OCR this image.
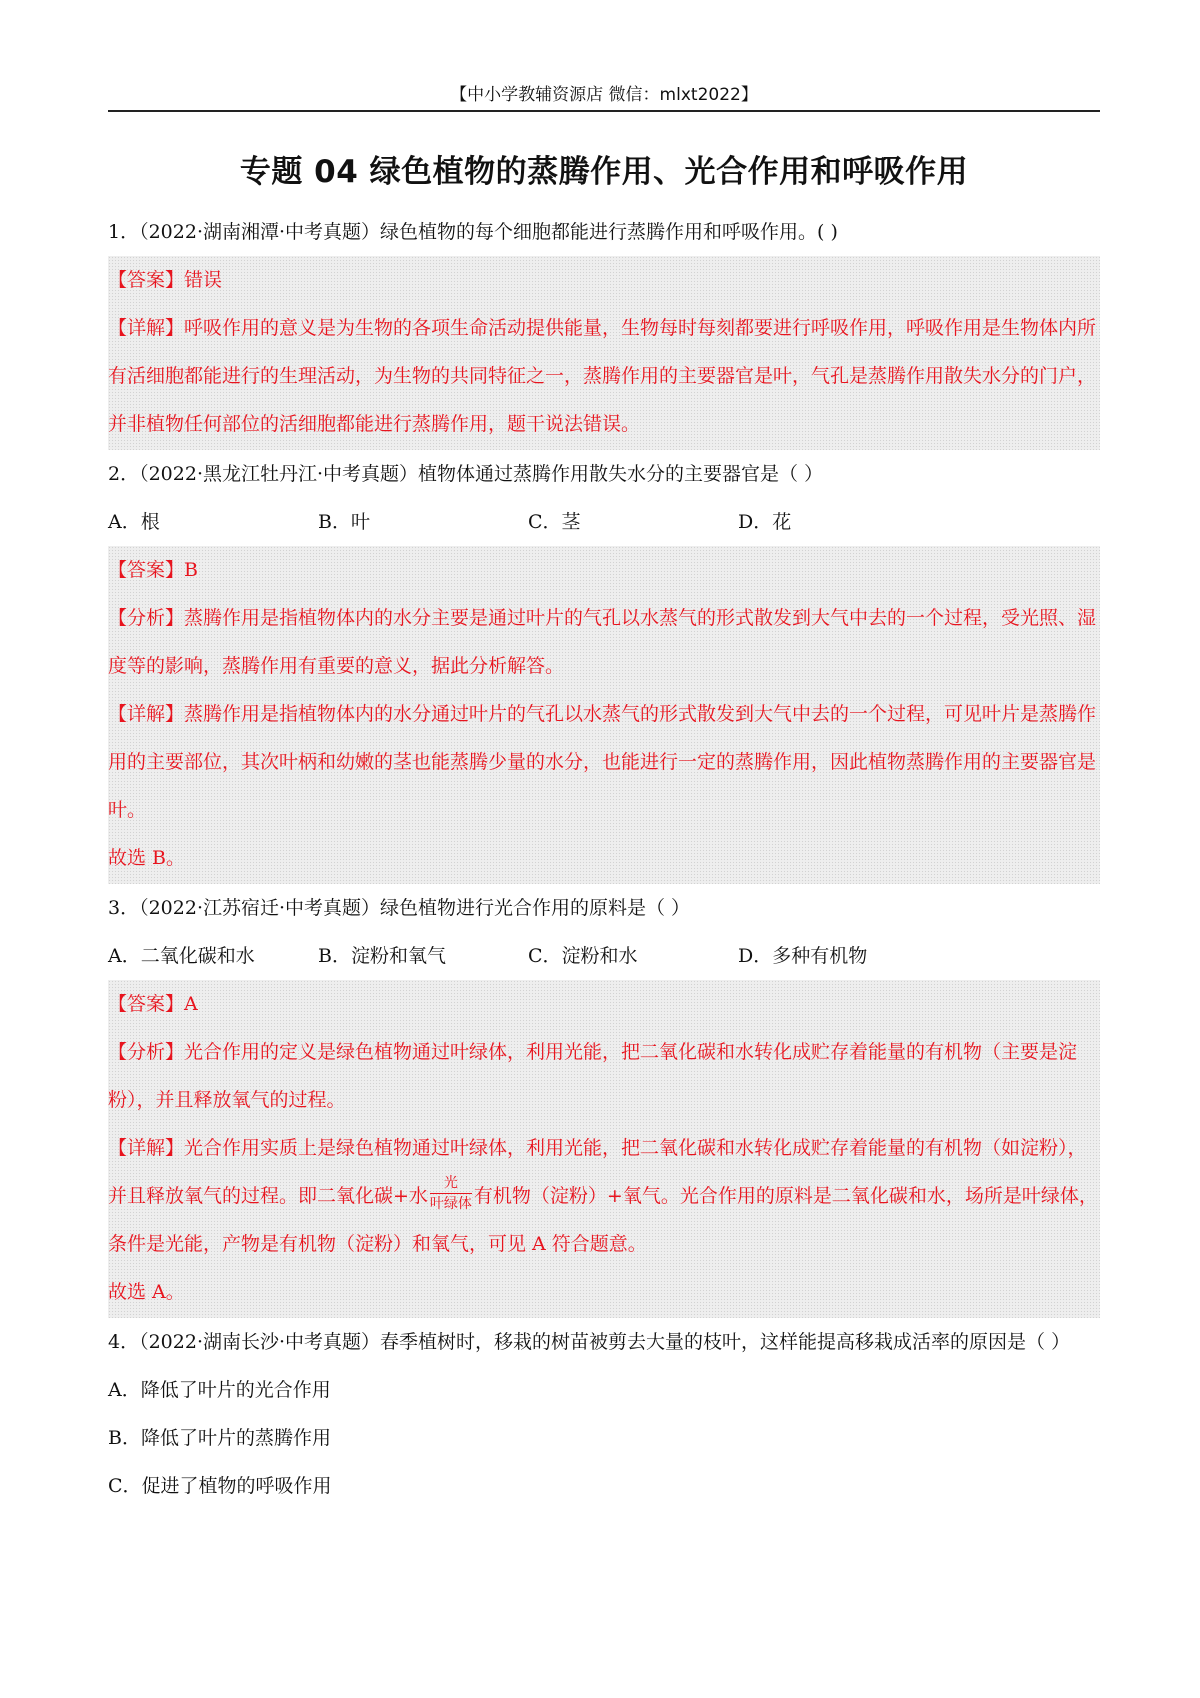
【中小学教辅资源店 微信：mlxt2022】
专题 04 绿色植物的蒸腾作用、光合作用和呼吸作用
1．（2022·湖南湘潭·中考真题）绿色植物的每个细胞都能进行蒸腾作用和呼吸作用。( )
【答案】错误
【详解】呼吸作用的意义是为生物的各项生命活动提供能量，生物每时每刻都要进行呼吸作用，呼吸作用是生物体内所有活细胞都能进行的生理活动，为生物的共同特征之一，蒸腾作用的主要器官是叶，气孔是蒸腾作用散失水分的门户，并非植物任何部位的活细胞都能进行蒸腾作用，题干说法错误。
2．（2022·黑龙江牡丹江·中考真题）植物体通过蒸腾作用散失水分的主要器官是（ ）
A．根	B．叶	C．茎	D．花
【答案】B
【分析】蒸腾作用是指植物体内的水分主要是通过叶片的气孔以水蒸气的形式散发到大气中去的一个过程，受光照、湿度等的影响，蒸腾作用有重要的意义，据此分析解答。
【详解】蒸腾作用是指植物体内的水分通过叶片的气孔以水蒸气的形式散发到大气中去的一个过程，可见叶片是蒸腾作用的主要部位，其次叶柄和幼嫩的茎也能蒸腾少量的水分，也能进行一定的蒸腾作用，因此植物蒸腾作用的主要器官是叶。
故选 B。
3．（2022·江苏宿迁·中考真题）绿色植物进行光合作用的原料是（ ）
A．二氧化碳和水	B．淀粉和氧气	C．淀粉和水	D．多种有机物
【答案】A
【分析】光合作用的定义是绿色植物通过叶绿体，利用光能，把二氧化碳和水转化成贮存着能量的有机物（主要是淀粉），并且释放氧气的过程。
【详解】光合作用实质上是绿色植物通过叶绿体，利用光能，把二氧化碳和水转化成贮存着能量的有机物（如淀粉），并且释放氧气的过程。即二氧化碳+水 $\frac{\text{光}}{\text{叶绿体}}$ 有机物（淀粉）+氧气。光合作用的原料是二氧化碳和水，场所是叶绿体，条件是光能，产物是有机物（淀粉）和氧气，可见 A 符合题意。
故选 A。
4．（2022·湖南长沙·中考真题）春季植树时，移栽的树苗被剪去大量的枝叶，这样能提高移栽成活率的原因是（ ）
A．降低了叶片的光合作用
B．降低了叶片的蒸腾作用
C．促进了植物的呼吸作用
